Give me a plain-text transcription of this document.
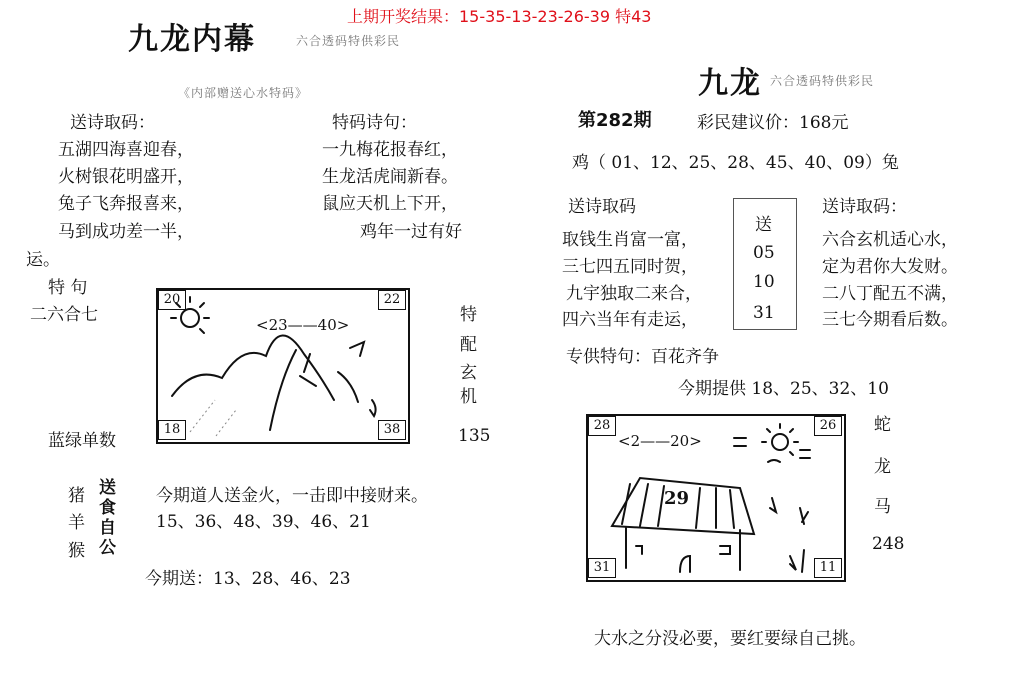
上期开奖结果：15-35-13-23-26-39 特43
九龙内幕	六合透码特供彩民
《内部赠送心水特码》
送诗取码：	特码诗句：
五湖四海喜迎春，
火树银花明盛开，
兔子飞奔报喜来，
马到成功差一半，
一九梅花报春红，
生龙活虎闹新春。
鼠应天机上下开，
鸡年一过有好
运。
特 句
二六合七
蓝绿单数
20	22
18	38
<23——40>	特
配
玄
机
135
猪
羊
猴
送
食
自
公
今期道人送金火，一击即中接财来。
15、36、48、39、46、21
今期送：13、28、46、23
九龙 六合透码特供彩民
第282期	彩民建议价：168元
鸡（ 01、12、25、28、45、40、09）兔
送诗取码
取钱生肖富一富，
三七四五同时贺，
九宇独取二来合，
四六当年有走运，
送
05
10
31
送诗取码：
六合玄机适心水，
定为君你大发财。
二八丁配五不满，
三七今期看后数。
专供特句：百花齐争
今期提供 18、25、32、10
28	26
31	11
<2——20>
29
蛇
龙
马
248
大水之分没必要，要红要绿自己挑。
